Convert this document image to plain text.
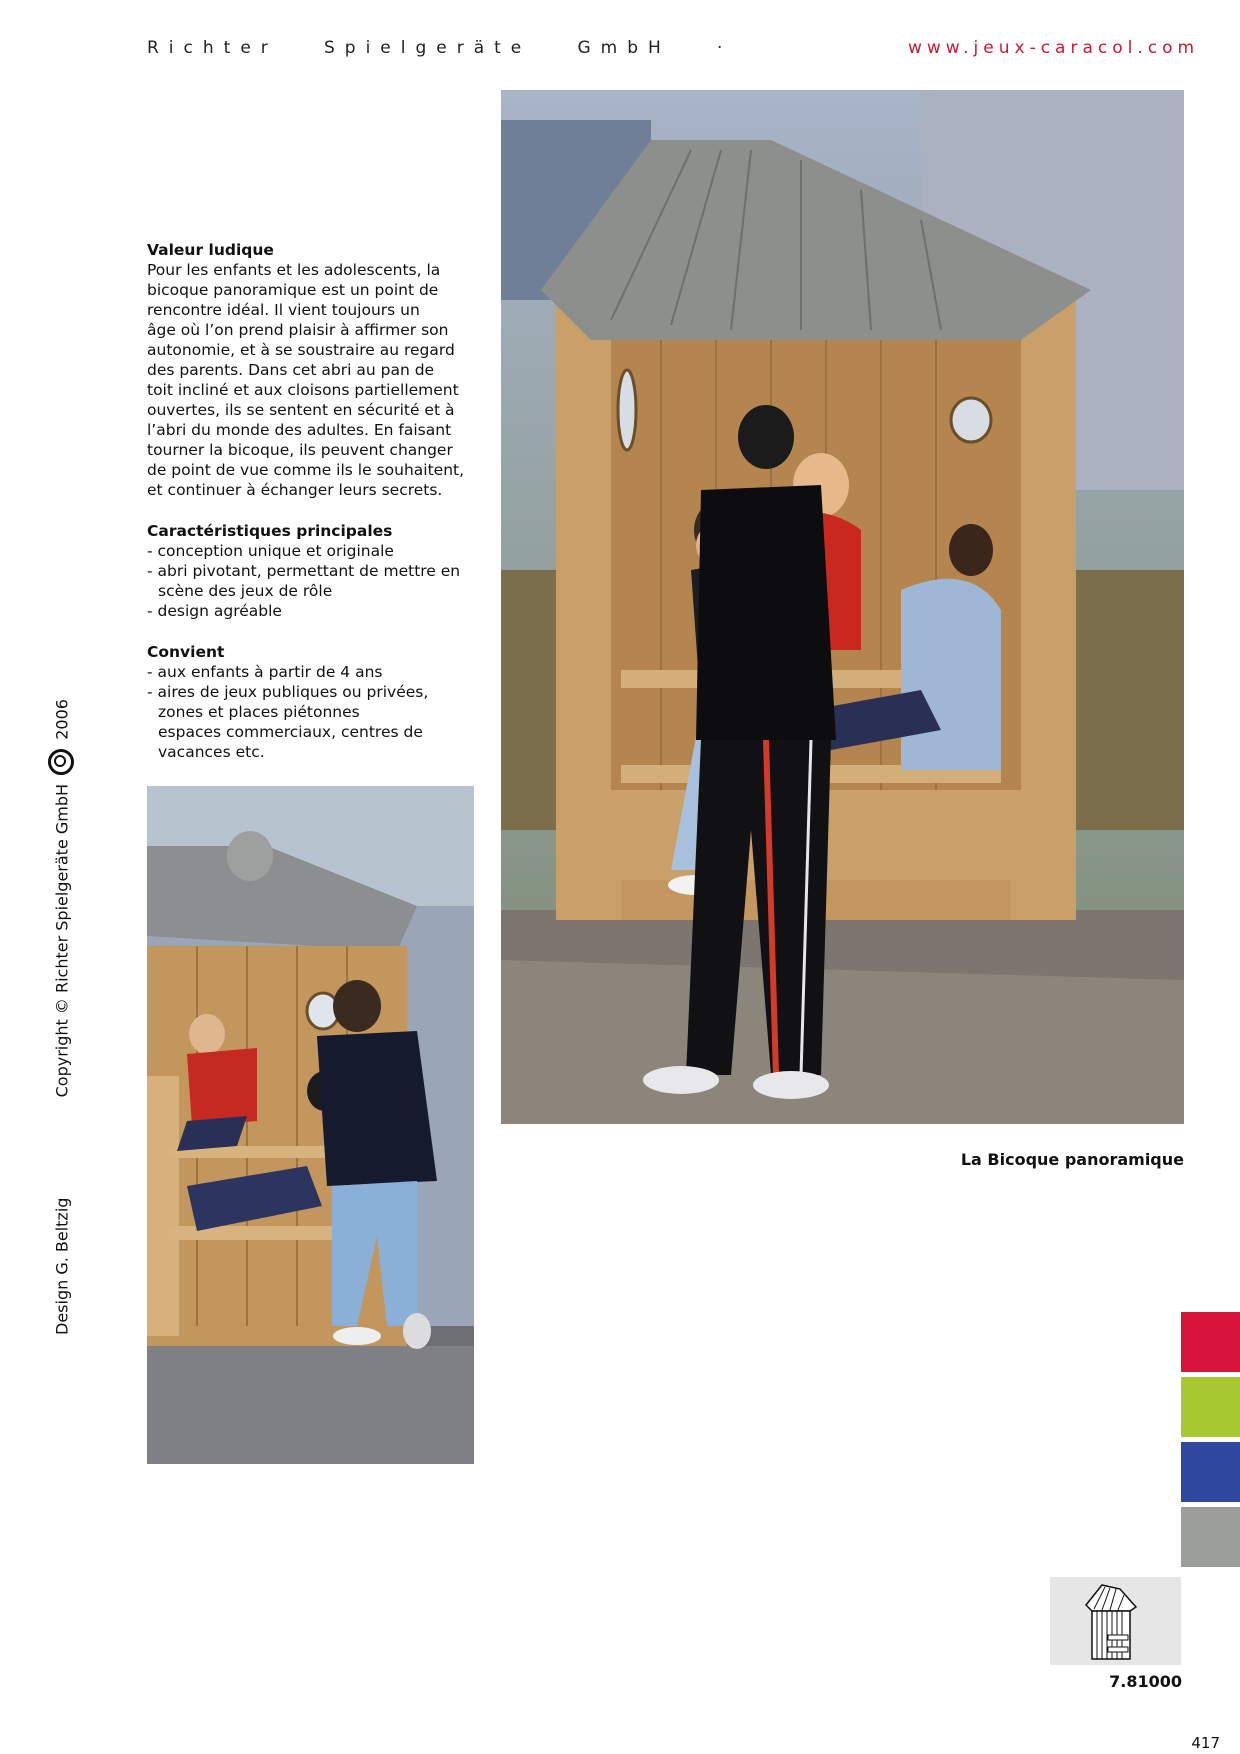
Richter   Spielgeräte   GmbH   ·	www.jeux-caracol.com
Valeur ludique

Pour les enfants et les adolescents, la
bicoque panoramique est un point de
rencontre idéal. Il vient toujours un
âge où l’on prend plaisir à affirmer son
autonomie, et à se soustraire au regard
des parents. Dans cet abri au pan de
toit incliné et aux cloisons partiellement
ouvertes, ils se sentent en sécurité et à
l’abri du monde des adultes. En faisant
tourner la bicoque, ils peuvent changer
de point de vue comme ils le souhaitent,
et continuer à échanger leurs secrets.

Caractéristiques principales
- conception unique et originale
- abri pivotant, permettant de mettre en
scène des jeux de rôle
- design agréable
Convient
- aux enfants à partir de 4 ans
- aires de jeux publiques ou privées,
zones et places piétonnes
espaces commerciaux, centres de
vacances etc.
La Bicoque panoramique
Design G. Beltzig  Copyright © Richter Spielgeräte GmbH  2006
7.81000
417
